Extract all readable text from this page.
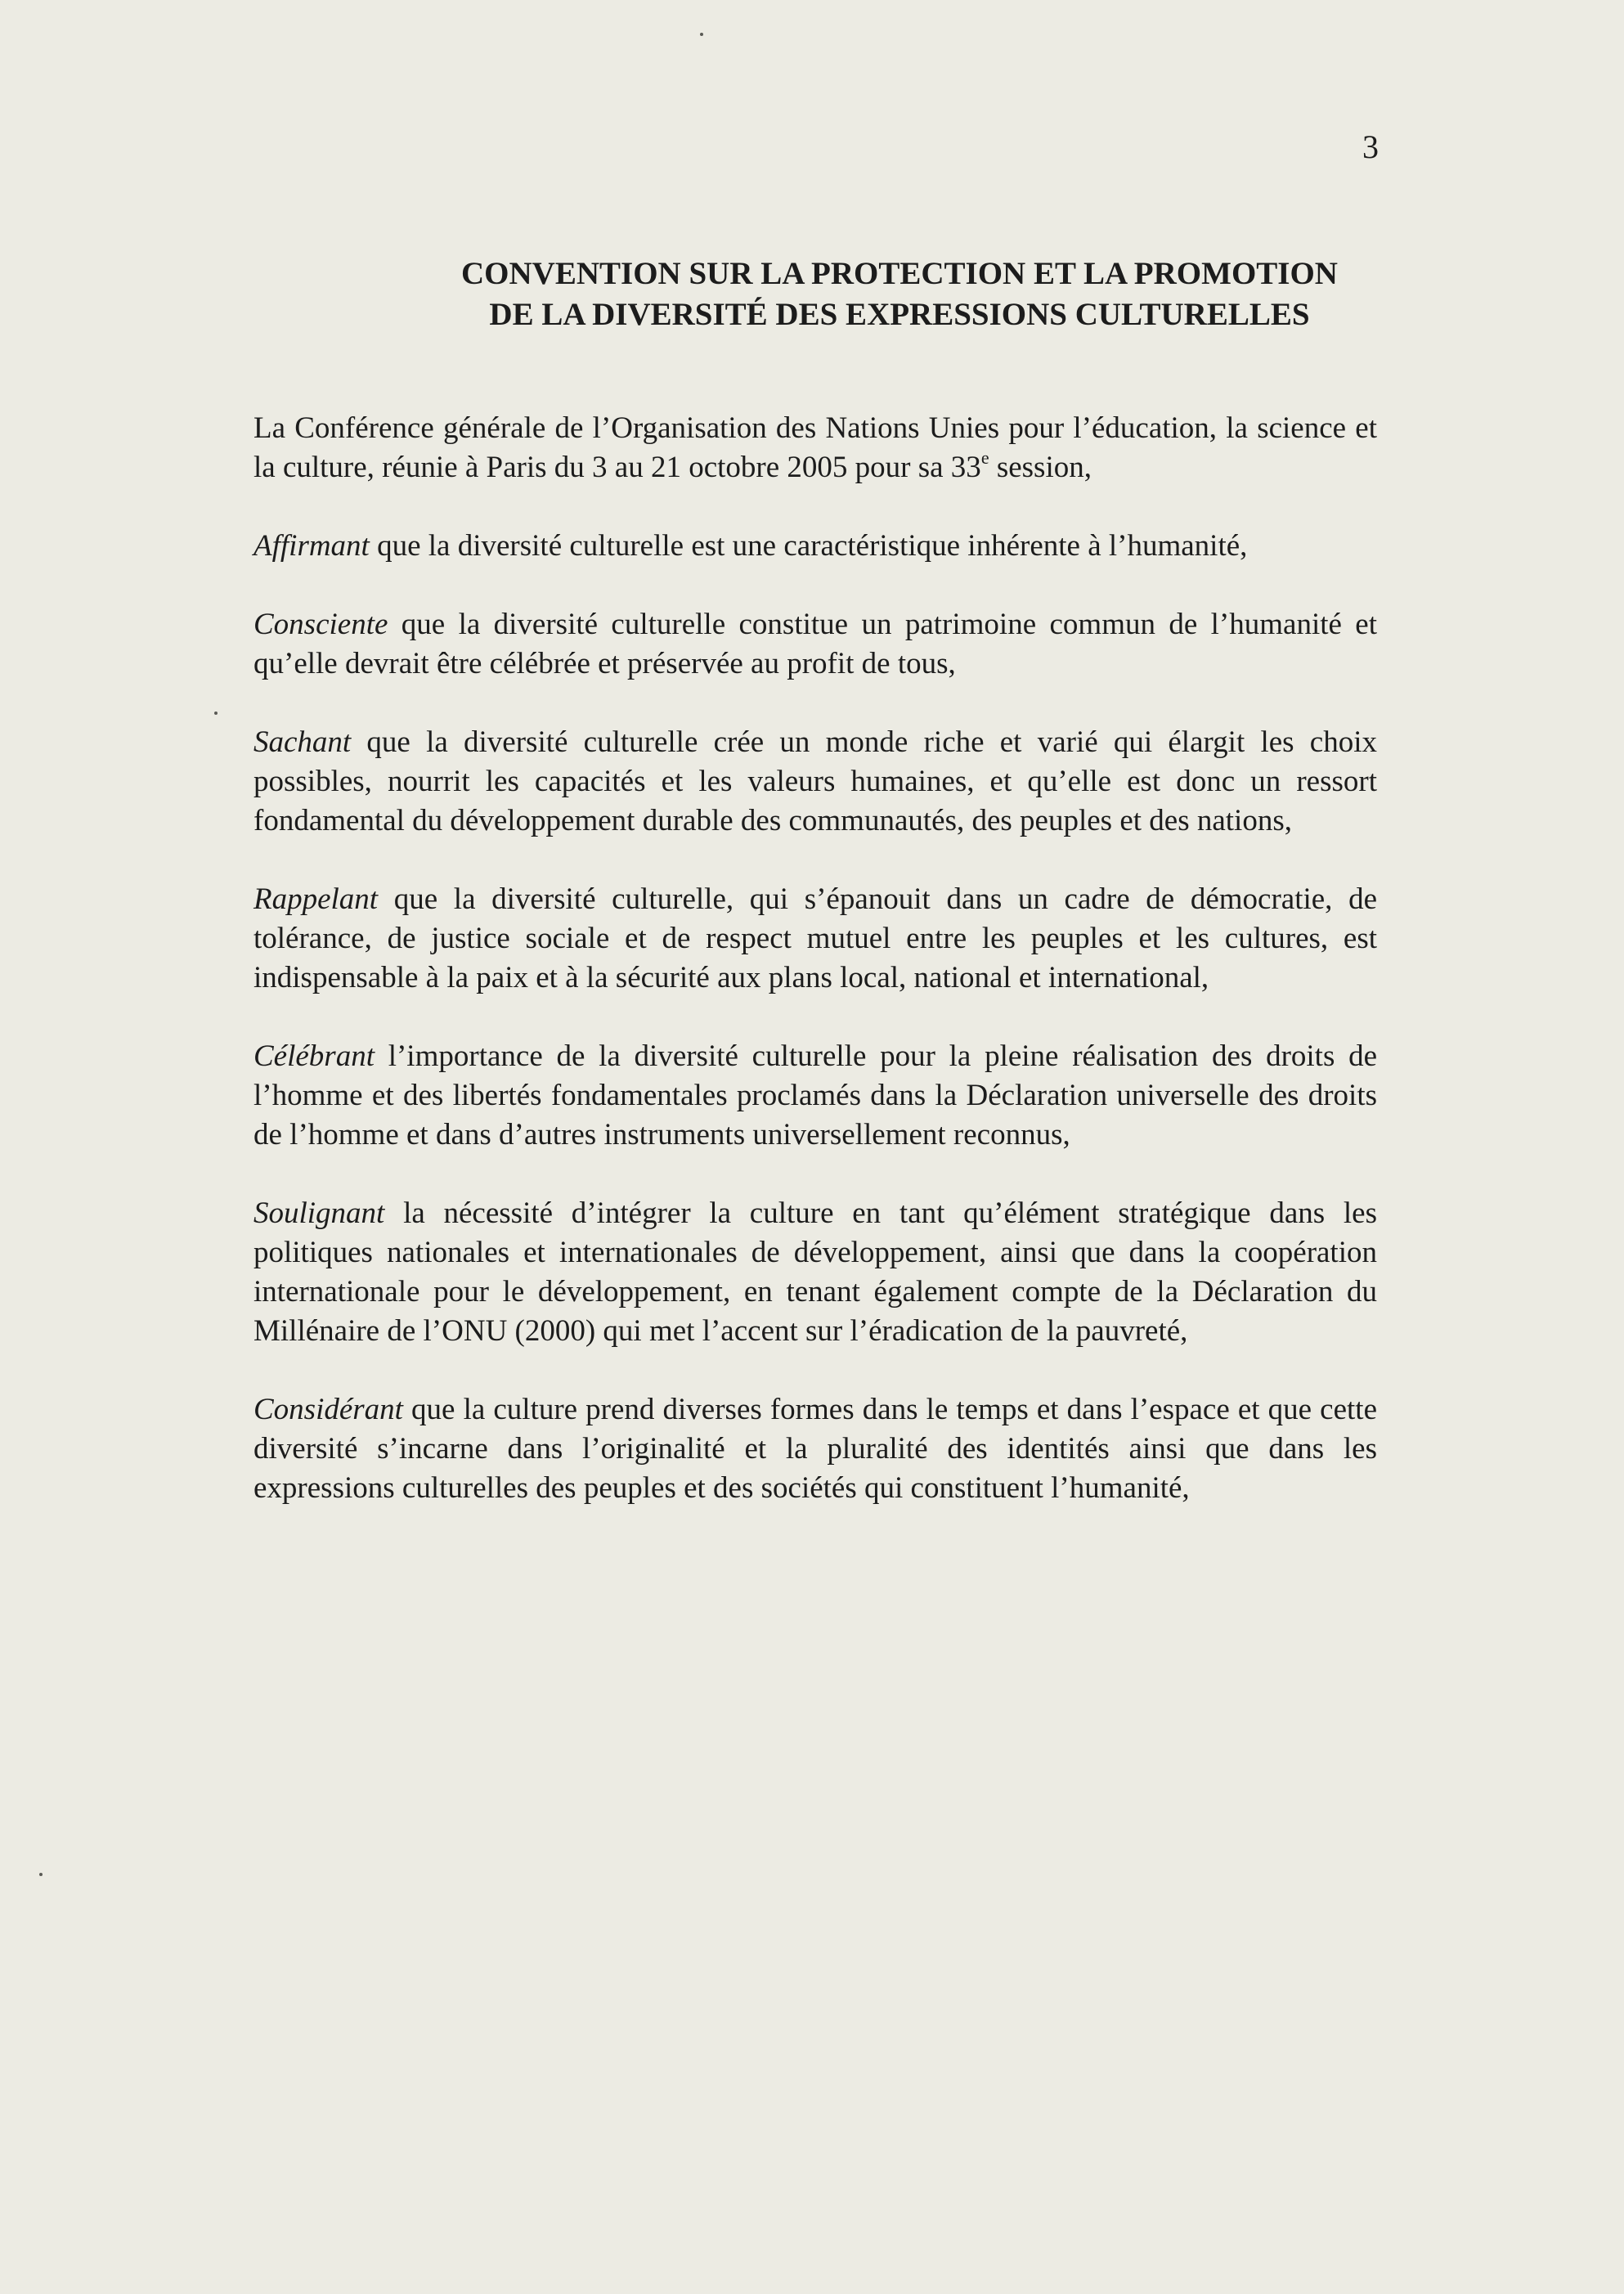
3
CONVENTION SUR LA PROTECTION ET LA PROMOTION
DE LA DIVERSITÉ DES EXPRESSIONS CULTURELLES

La Conférence générale de l’Organisation des Nations Unies pour l’éducation, la science et la culture, réunie à Paris du 3 au 21 octobre 2005 pour sa 33e session,

Affirmant que la diversité culturelle est une caractéristique inhérente à l’humanité,

Consciente que la diversité culturelle constitue un patrimoine commun de l’humanité et qu’elle devrait être célébrée et préservée au profit de tous,

Sachant que la diversité culturelle crée un monde riche et varié qui élargit les choix possibles, nourrit les capacités et les valeurs humaines, et qu’elle est donc un ressort fondamental du développement durable des communautés, des peuples et des nations,

Rappelant que la diversité culturelle, qui s’épanouit dans un cadre de démocratie, de tolérance, de justice sociale et de respect mutuel entre les peuples et les cultures, est indispensable à la paix et à la sécurité aux plans local, national et international,

Célébrant l’importance de la diversité culturelle pour la pleine réalisation des droits de l’homme et des libertés fondamentales proclamés dans la Déclaration universelle des droits de l’homme et dans d’autres instruments universellement reconnus,

Soulignant la nécessité d’intégrer la culture en tant qu’élément stratégique dans les politiques nationales et internationales de développement, ainsi que dans la coopération internationale pour le développement, en tenant également compte de la Déclaration du Millénaire de l’ONU (2000) qui met l’accent sur l’éradication de la pauvreté,

Considérant que la culture prend diverses formes dans le temps et dans l’espace et que cette diversité s’incarne dans l’originalité et la pluralité des identités ainsi que dans les expressions culturelles des peuples et des sociétés qui constituent l’humanité,
